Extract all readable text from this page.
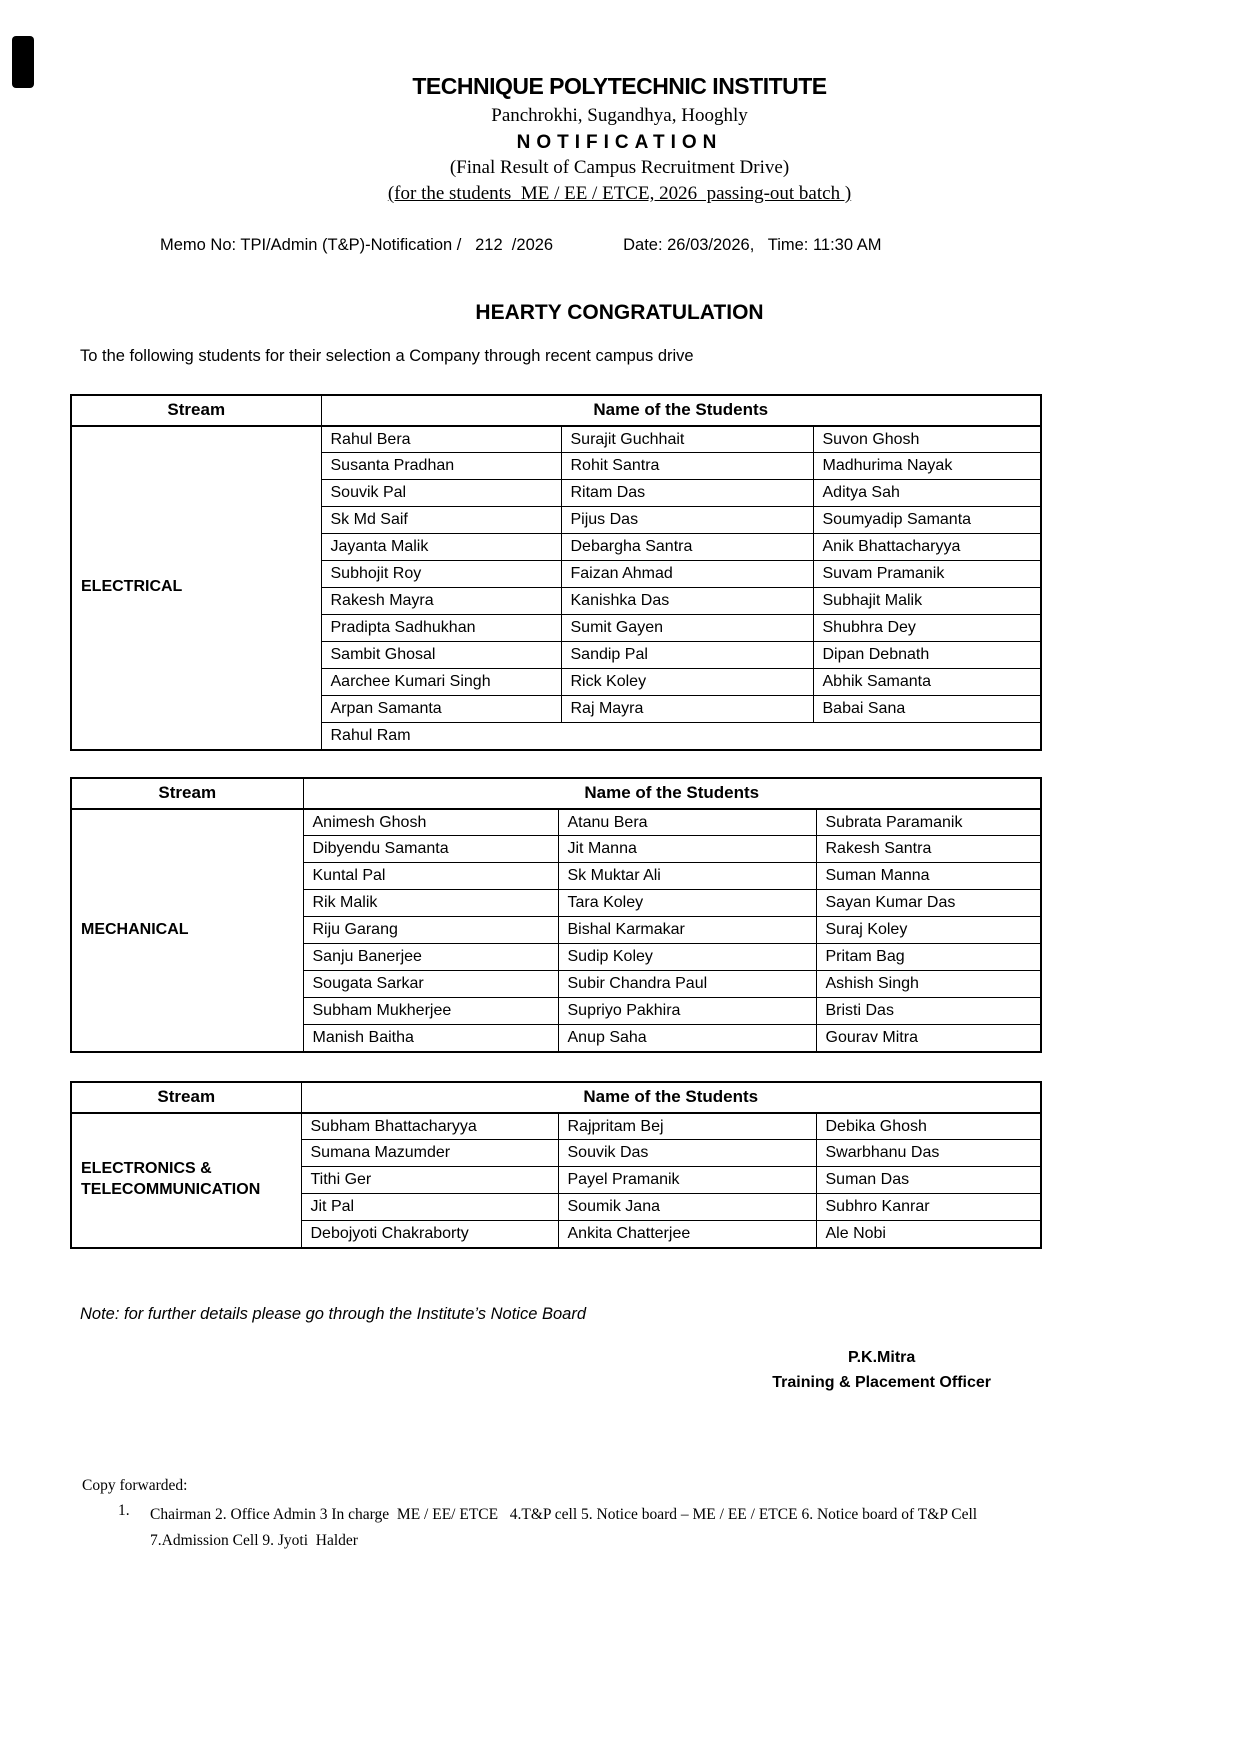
TECHNIQUE POLYTECHNIC INSTITUTE
Panchrokhi, Sugandhya, Hooghly
NOTIFICATION
(Final Result of Campus Recruitment Drive)
(for the students  ME / EE / ETCE, 2026  passing-out batch )
Memo No: TPI/Admin (T&P)-Notification /   212  /2026	Date: 26/03/2026,   Time: 11:30 AM
HEARTY CONGRATULATION
To the following students for their selection a Company through recent campus drive
Stream	Name of the Students		
ELECTRICAL	Rahul Bera	Surajit Guchhait	Suvon Ghosh
	Susanta Pradhan	Rohit Santra	Madhurima Nayak
	Souvik Pal	Ritam Das	Aditya Sah
	Sk Md Saif	Pijus Das	Soumyadip Samanta
	Jayanta Malik	Debargha Santra	Anik Bhattacharyya
	Subhojit Roy	Faizan Ahmad	Suvam Pramanik
	Rakesh Mayra	Kanishka Das	Subhajit Malik
	Pradipta Sadhukhan	Sumit Gayen	Shubhra Dey
	Sambit Ghosal	Sandip Pal	Dipan Debnath
	Aarchee Kumari Singh	Rick Koley	Abhik Samanta
	Arpan Samanta	Raj Mayra	Babai Sana
	Rahul Ram		
Stream	Name of the Students		
MECHANICAL	Animesh Ghosh	Atanu Bera	Subrata Paramanik
	Dibyendu Samanta	Jit Manna	Rakesh Santra
	Kuntal Pal	Sk Muktar Ali	Suman Manna
	Rik Malik	Tara Koley	Sayan Kumar Das
	Riju Garang	Bishal Karmakar	Suraj Koley
	Sanju Banerjee	Sudip Koley	Pritam Bag
	Sougata Sarkar	Subir Chandra Paul	Ashish Singh
	Subham Mukherjee	Supriyo Pakhira	Bristi Das
	Manish Baitha	Anup Saha	Gourav Mitra
Stream	Name of the Students		
ELECTRONICS & TELECOMMUNICATION	Subham Bhattacharyya	Rajpritam Bej	Debika Ghosh
	Sumana Mazumder	Souvik Das	Swarbhanu Das
	Tithi Ger	Payel Pramanik	Suman Das
	Jit Pal	Soumik Jana	Subhro Kanrar
	Debojyoti Chakraborty	Ankita Chatterjee	Ale Nobi
Note: for further details please go through the Institute’s Notice Board
P.K.Mitra
Training & Placement Officer
Copy forwarded:
1.	Chairman 2. Office Admin 3 In charge  ME / EE/ ETCE   4.T&P cell 5. Notice board – ME / EE / ETCE 6. Notice board of T&P Cell 7.Admission Cell 9. Jyoti  Halder
